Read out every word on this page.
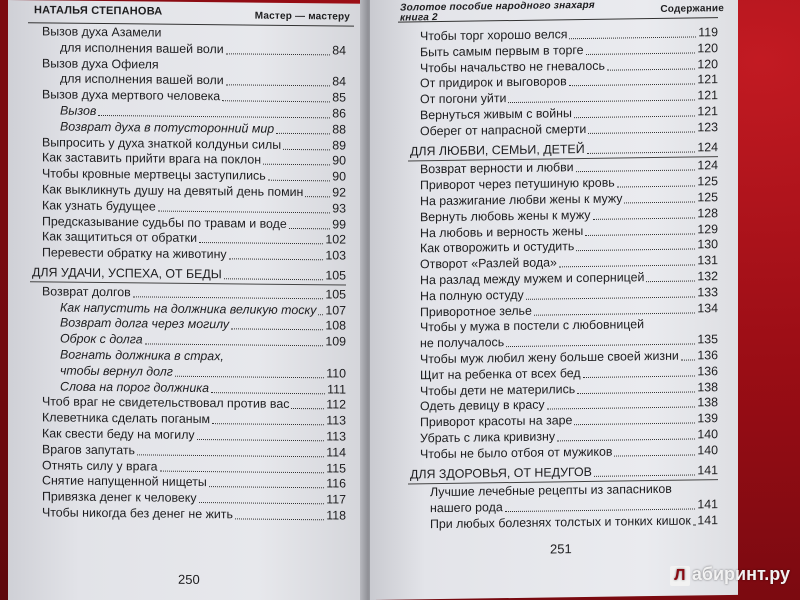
НАТАЛЬЯ СТЕПАНОВА	Мастер — мастеру
Вызов духа Азамели
для исполнения вашей воли	84
Вызов духа Офиеля
для исполнения вашей воли	84
Вызов духа мертвого человека	85
Вызов	86
Возврат духа в потусторонний мир	88
Выпросить у духа знаткой колдуньи силы	89
Как заставить прийти врага на поклон	90
Чтобы кровные мертвецы заступились	90
Как выкликнуть душу на девятый день помин 92
Как узнать будущее	93
Предсказывание судьбы по травам и воде	99
Как защититься от обратки	102
Перевести обратку на животину	103
ДЛЯ УДАЧИ, УСПЕХА, ОТ БЕДЫ	105
Возврат долгов	105
Как напустить на должника великую тоску 107
Возврат долга через могилу	108
Оброк с долга	109
Вогнать должника в страх,
чтобы вернул долг	110
Слова на порог должника	111
Чтоб враг не свидетельствовал против вас	112
Клеветника сделать поганым	113
Как свести беду на могилу	113
Врагов запутать	114
Отнять силу у врага	115
Снятие напущенной нищеты	116
Привязка денег к человеку	117
Чтобы никогда без денег не жить	118
250
Золотое пособие народного знахаря
книга 2
Содержание
Чтобы торг хорошо велся	119
Быть самым первым в торге	120
Чтобы начальство не гневалось	120
От придирок и выговоров	121
От погони уйти	121
Вернуться живым с войны	121
Оберег от напрасной смерти	123
ДЛЯ ЛЮБВИ, СЕМЬИ, ДЕТЕЙ	124
Возврат верности и любви	124
Приворот через петушиную кровь	125
На разжигание любви жены к мужу	125
Вернуть любовь жены к мужу	128
На любовь и верность жены	129
Как отворожить и остудить	130
Отворот «Разлей вода»	131
На разлад между мужем и соперницей	132
На полную остуду	133
Приворотное зелье	134
Чтобы у мужа в постели с любовницей
не получалось	135
Чтобы муж любил жену больше своей жизни 136
Щит на ребенка от всех бед	136
Чтобы дети не матерились	138
Одеть девицу в красу	138
Приворот красоты на заре	139
Убрать с лика кривизну	140
Чтобы не было отбоя от мужиков	140
ДЛЯ ЗДОРОВЬЯ, ОТ НЕДУГОВ	141
Лучшие лечебные рецепты из запасников
нашего рода	141
При любых болезнях толстых и тонких кишок 141
251
Л абиринт.ру
